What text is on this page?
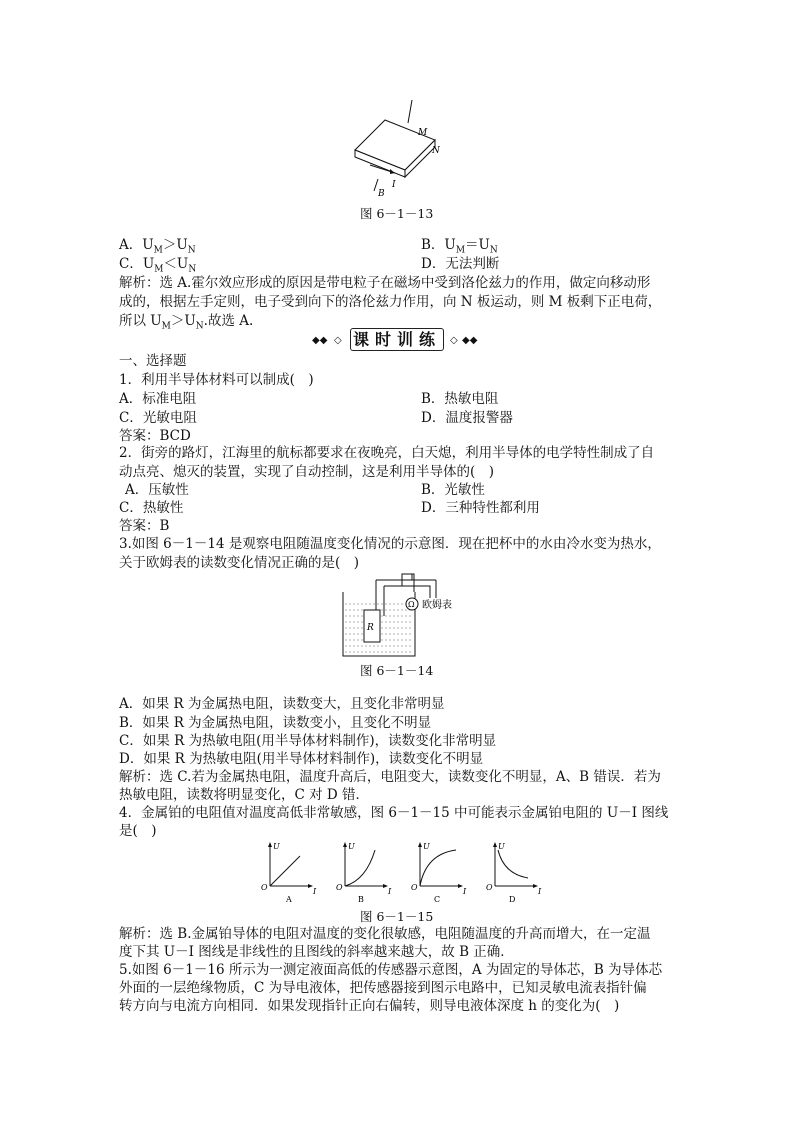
M
N
I
B
图 6－1－13
A．$U_M>U_N$	B．$U_M=U_N$
C．$U_M<U_N$	D．无法判断
解析：选 A.霍尔效应形成的原因是带电粒子在磁场中受到洛伦兹力的作用，做定向移动形
成的，根据左手定则，电子受到向下的洛伦兹力作用，向 N 板运动，则 M 板剩下正电荷，
所以 $U_M>U_N$.故选 A.
◆◆ ◇ 课时训练 ◇ ◆◆
一、选择题
1．利用半导体材料可以制成(　)
A．标准电阻	B．热敏电阻
C．光敏电阻	D．温度报警器
答案：BCD
2．街旁的路灯，江海里的航标都要求在夜晚亮，白天熄，利用半导体的电学特性制成了自
动点亮、熄灭的装置，实现了自动控制，这是利用半导体的(　)
A．压敏性	B．光敏性
C．热敏性	D．三种特性都利用
答案：B
3.如图 6－1－14 是观察电阻随温度变化情况的示意图．现在把杯中的水由冷水变为热水，
关于欧姆表的读数变化情况正确的是(　)
R
Ω 欧姆表
图 6－1－14
A．如果 R 为金属热电阻，读数变大，且变化非常明显
B．如果 R 为金属热电阻，读数变小，且变化不明显
C．如果 R 为热敏电阻(用半导体材料制作)，读数变化非常明显
D．如果 R 为热敏电阻(用半导体材料制作)，读数变化不明显
解析：选 C.若为金属热电阻，温度升高后，电阻变大，读数变化不明显，A、B 错误．若为
热敏电阻，读数将明显变化，C 对 D 错．
4．金属铂的电阻值对温度高低非常敏感，图 6－1－15 中可能表示金属铂电阻的 U－I 图线
是(　)
U
O	I
A
U
O	I
B
U
O	I
C
U
O	I
D
图 6－1－15
解析：选 B.金属铂导体的电阻对温度的变化很敏感，电阻随温度的升高而增大，在一定温
度下其 U－I 图线是非线性的且图线的斜率越来越大，故 B 正确．
5.如图 6－1－16 所示为一测定液面高低的传感器示意图，A 为固定的导体芯，B 为导体芯
外面的一层绝缘物质，C 为导电液体，把传感器接到图示电路中，已知灵敏电流表指针偏
转方向与电流方向相同．如果发现指针正向右偏转，则导电液体深度 h 的变化为(　)
